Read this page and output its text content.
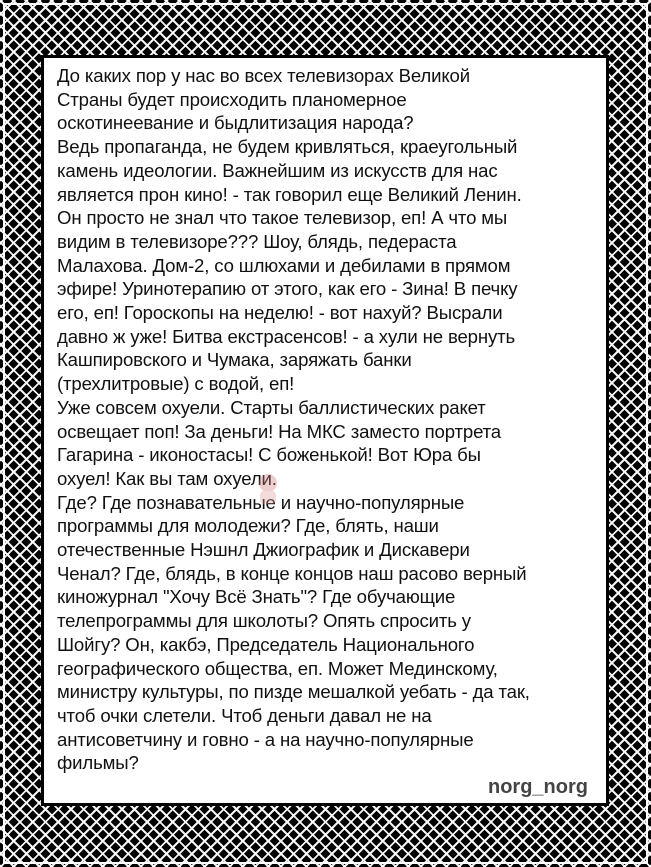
До каких пор у нас во всех телевизорах Великой
Страны будет происходить планомерное
оскотинеевание и быдлитизация народа?
Ведь пропаганда, не будем кривляться, краеугольный
камень идеологии. Важнейшим из искусств для нас
является прон кино! - так говорил еще Великий Ленин.
Он просто не знал что такое телевизор, еп! А что мы
видим в телевизоре??? Шоу, блядь, педераста
Малахова. Дом-2, со шлюхами и дебилами в прямом
эфире! Уринотерапию от этого, как его - Зина! В печку
его, еп! Гороскопы на неделю! - вот нахуй? Высрали
давно ж уже! Битва екстрасенсов! - а хули не вернуть
Кашпировского и Чумака, заряжать банки
(трехлитровые) с водой, еп!
Уже совсем охуели. Старты баллистических ракет
освещает поп! За деньги! На МКС заместо портрета
Гагарина - иконостасы! С боженькой! Вот Юра бы
охуел! Как вы там охуели.
Где? Где познавательные и научно-популярные
программы для молодежи? Где, блять, наши
отечественные Нэшнл Джиографик и Дискавери
Ченал? Где, блядь, в конце концов наш расово верный
киножурнал "Хочу Всё Знать"? Где обучающие
телепрограммы для школоты? Опять спросить у
Шойгу? Он, какбэ, Председатель Национального
географического общества, еп. Может Мединскому,
министру культуры, по пизде мешалкой уебать - да так,
чтоб очки слетели. Чтоб деньги давал не на
антисоветчину и говно - а на научно-популярные
фильмы?

norg_norg
